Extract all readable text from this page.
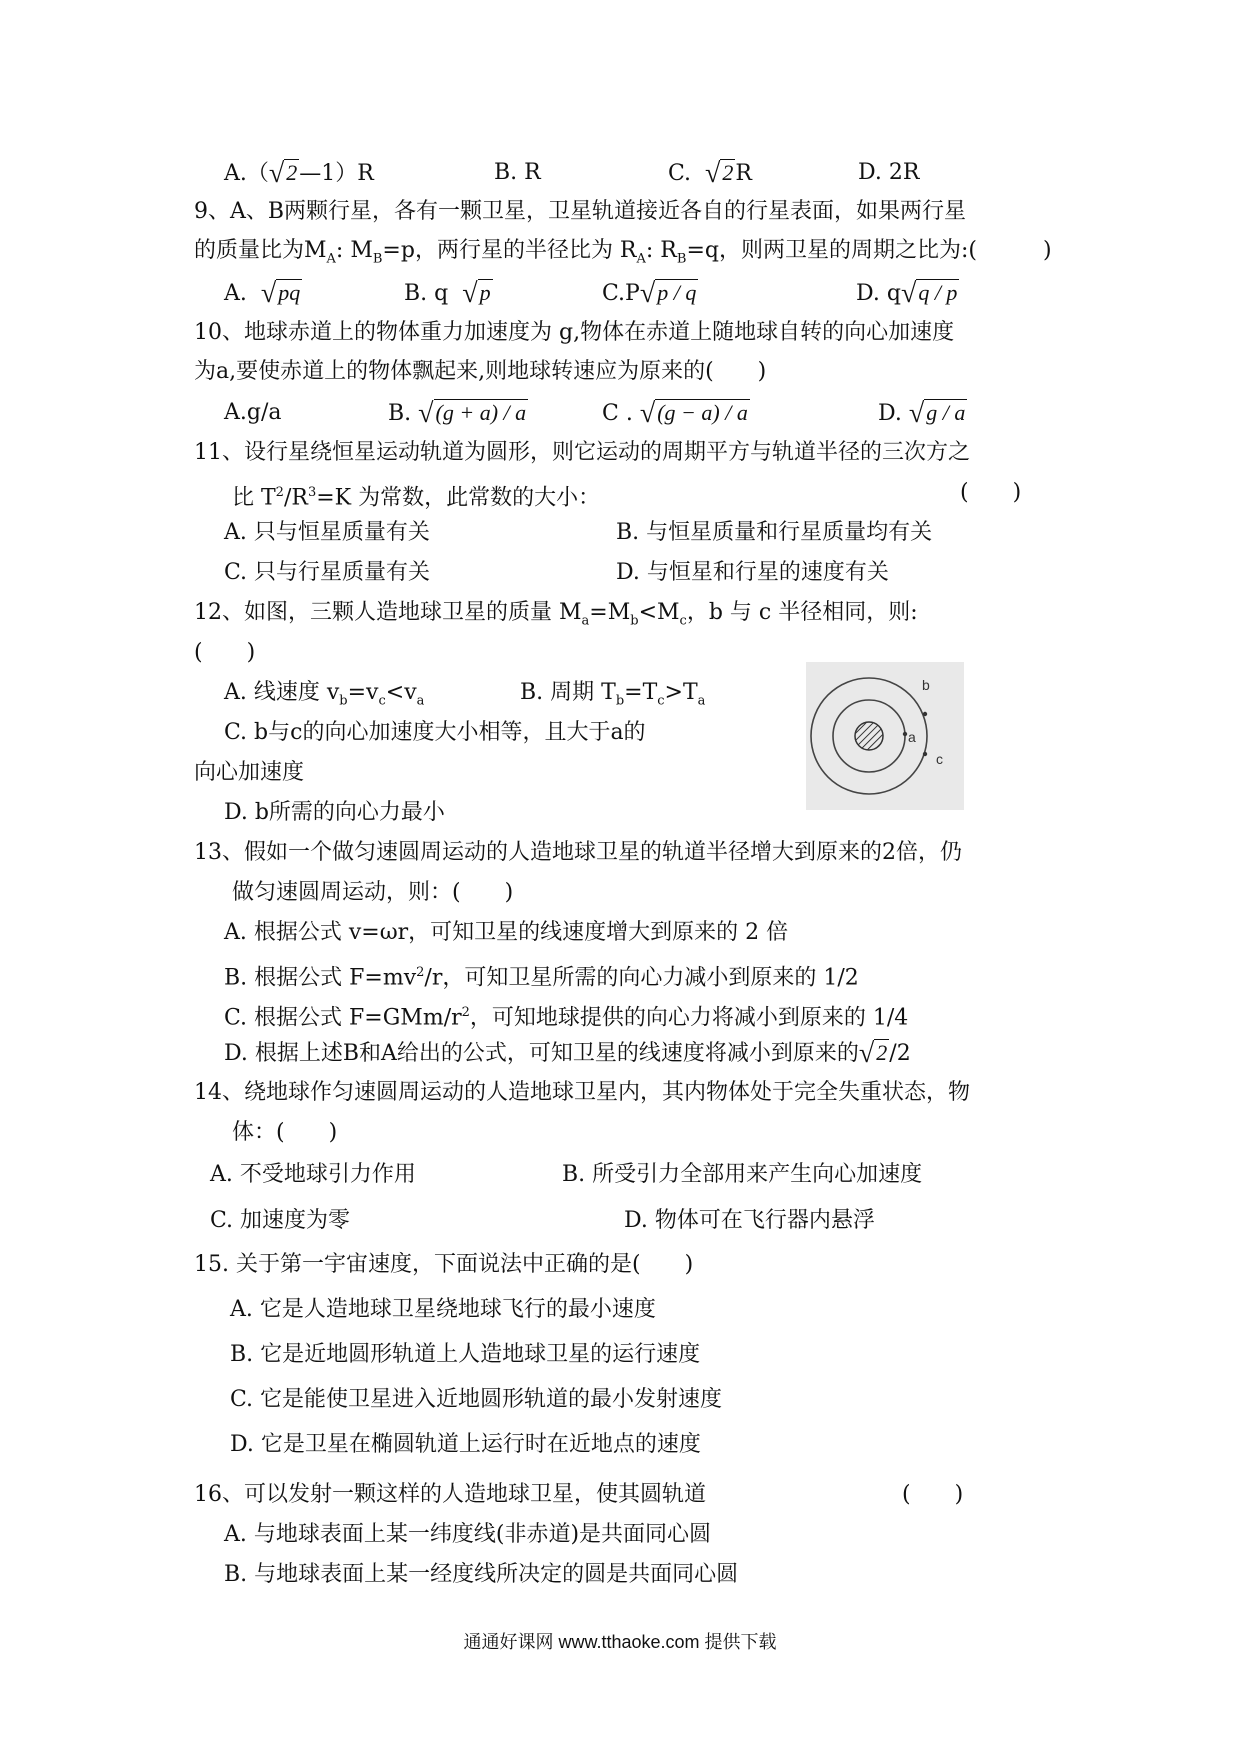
A.（√2—1）R	B. R	C. √2R	D. 2R
9、A、B两颗行星，各有一颗卫星，卫星轨道接近各自的行星表面，如果两行星
的质量比为$M_A$: $M_B=p$，两行星的半径比为 $R_A$: $R_B=q$，则两卫星的周期之比为:(　　　)
A. √pq	B. q √p	C.P√p / q	D. q√q / p
10、地球赤道上的物体重力加速度为 g,物体在赤道上随地球自转的向心加速度
为a,要使赤道上的物体飘起来,则地球转速应为原来的(　　)
A.g/a	B. √(g + a) / a	C . √(g − a) / a	D. √g / a
11、设行星绕恒星运动轨道为圆形，则它运动的周期平方与轨道半径的三次方之
比 $T^2/R^3=K$ 为常数，此常数的大小：	(　　)
A. 只与恒星质量有关	B. 与恒星质量和行星质量均有关
C. 只与行星质量有关	D. 与恒星和行星的速度有关
12、如图，三颗人造地球卫星的质量 $M_a=M_b<M_c$，b 与 c 半径相同，则:
(　　)
A. 线速度 $v_b=v_c<v_a$	B. 周期 $T_b=T_c>T_a$
C. b与c的向心加速度大小相等，且大于a的
向心加速度
D. b所需的向心力最小
a
b
c
13、假如一个做匀速圆周运动的人造地球卫星的轨道半径增大到原来的2倍，仍
做匀速圆周运动，则：(　　)
A. 根据公式 v=ωr，可知卫星的线速度增大到原来的 2 倍
B. 根据公式 $F=mv^2/r$，可知卫星所需的向心力减小到原来的 1/2
C. 根据公式 $F=GMm/r^2$，可知地球提供的向心力将减小到原来的 1/4
D. 根据上述B和A给出的公式，可知卫星的线速度将减小到原来的√2/2
14、绕地球作匀速圆周运动的人造地球卫星内，其内物体处于完全失重状态，物
体：(　　)
A. 不受地球引力作用	B. 所受引力全部用来产生向心加速度
C. 加速度为零	D. 物体可在飞行器内悬浮
15. 关于第一宇宙速度，下面说法中正确的是(　　)
A. 它是人造地球卫星绕地球飞行的最小速度
B. 它是近地圆形轨道上人造地球卫星的运行速度
C. 它是能使卫星进入近地圆形轨道的最小发射速度
D. 它是卫星在椭圆轨道上运行时在近地点的速度
16、可以发射一颗这样的人造地球卫星，使其圆轨道	(　　)
A. 与地球表面上某一纬度线(非赤道)是共面同心圆
B. 与地球表面上某一经度线所决定的圆是共面同心圆
通通好课网 www.tthaoke.com 提供下载
